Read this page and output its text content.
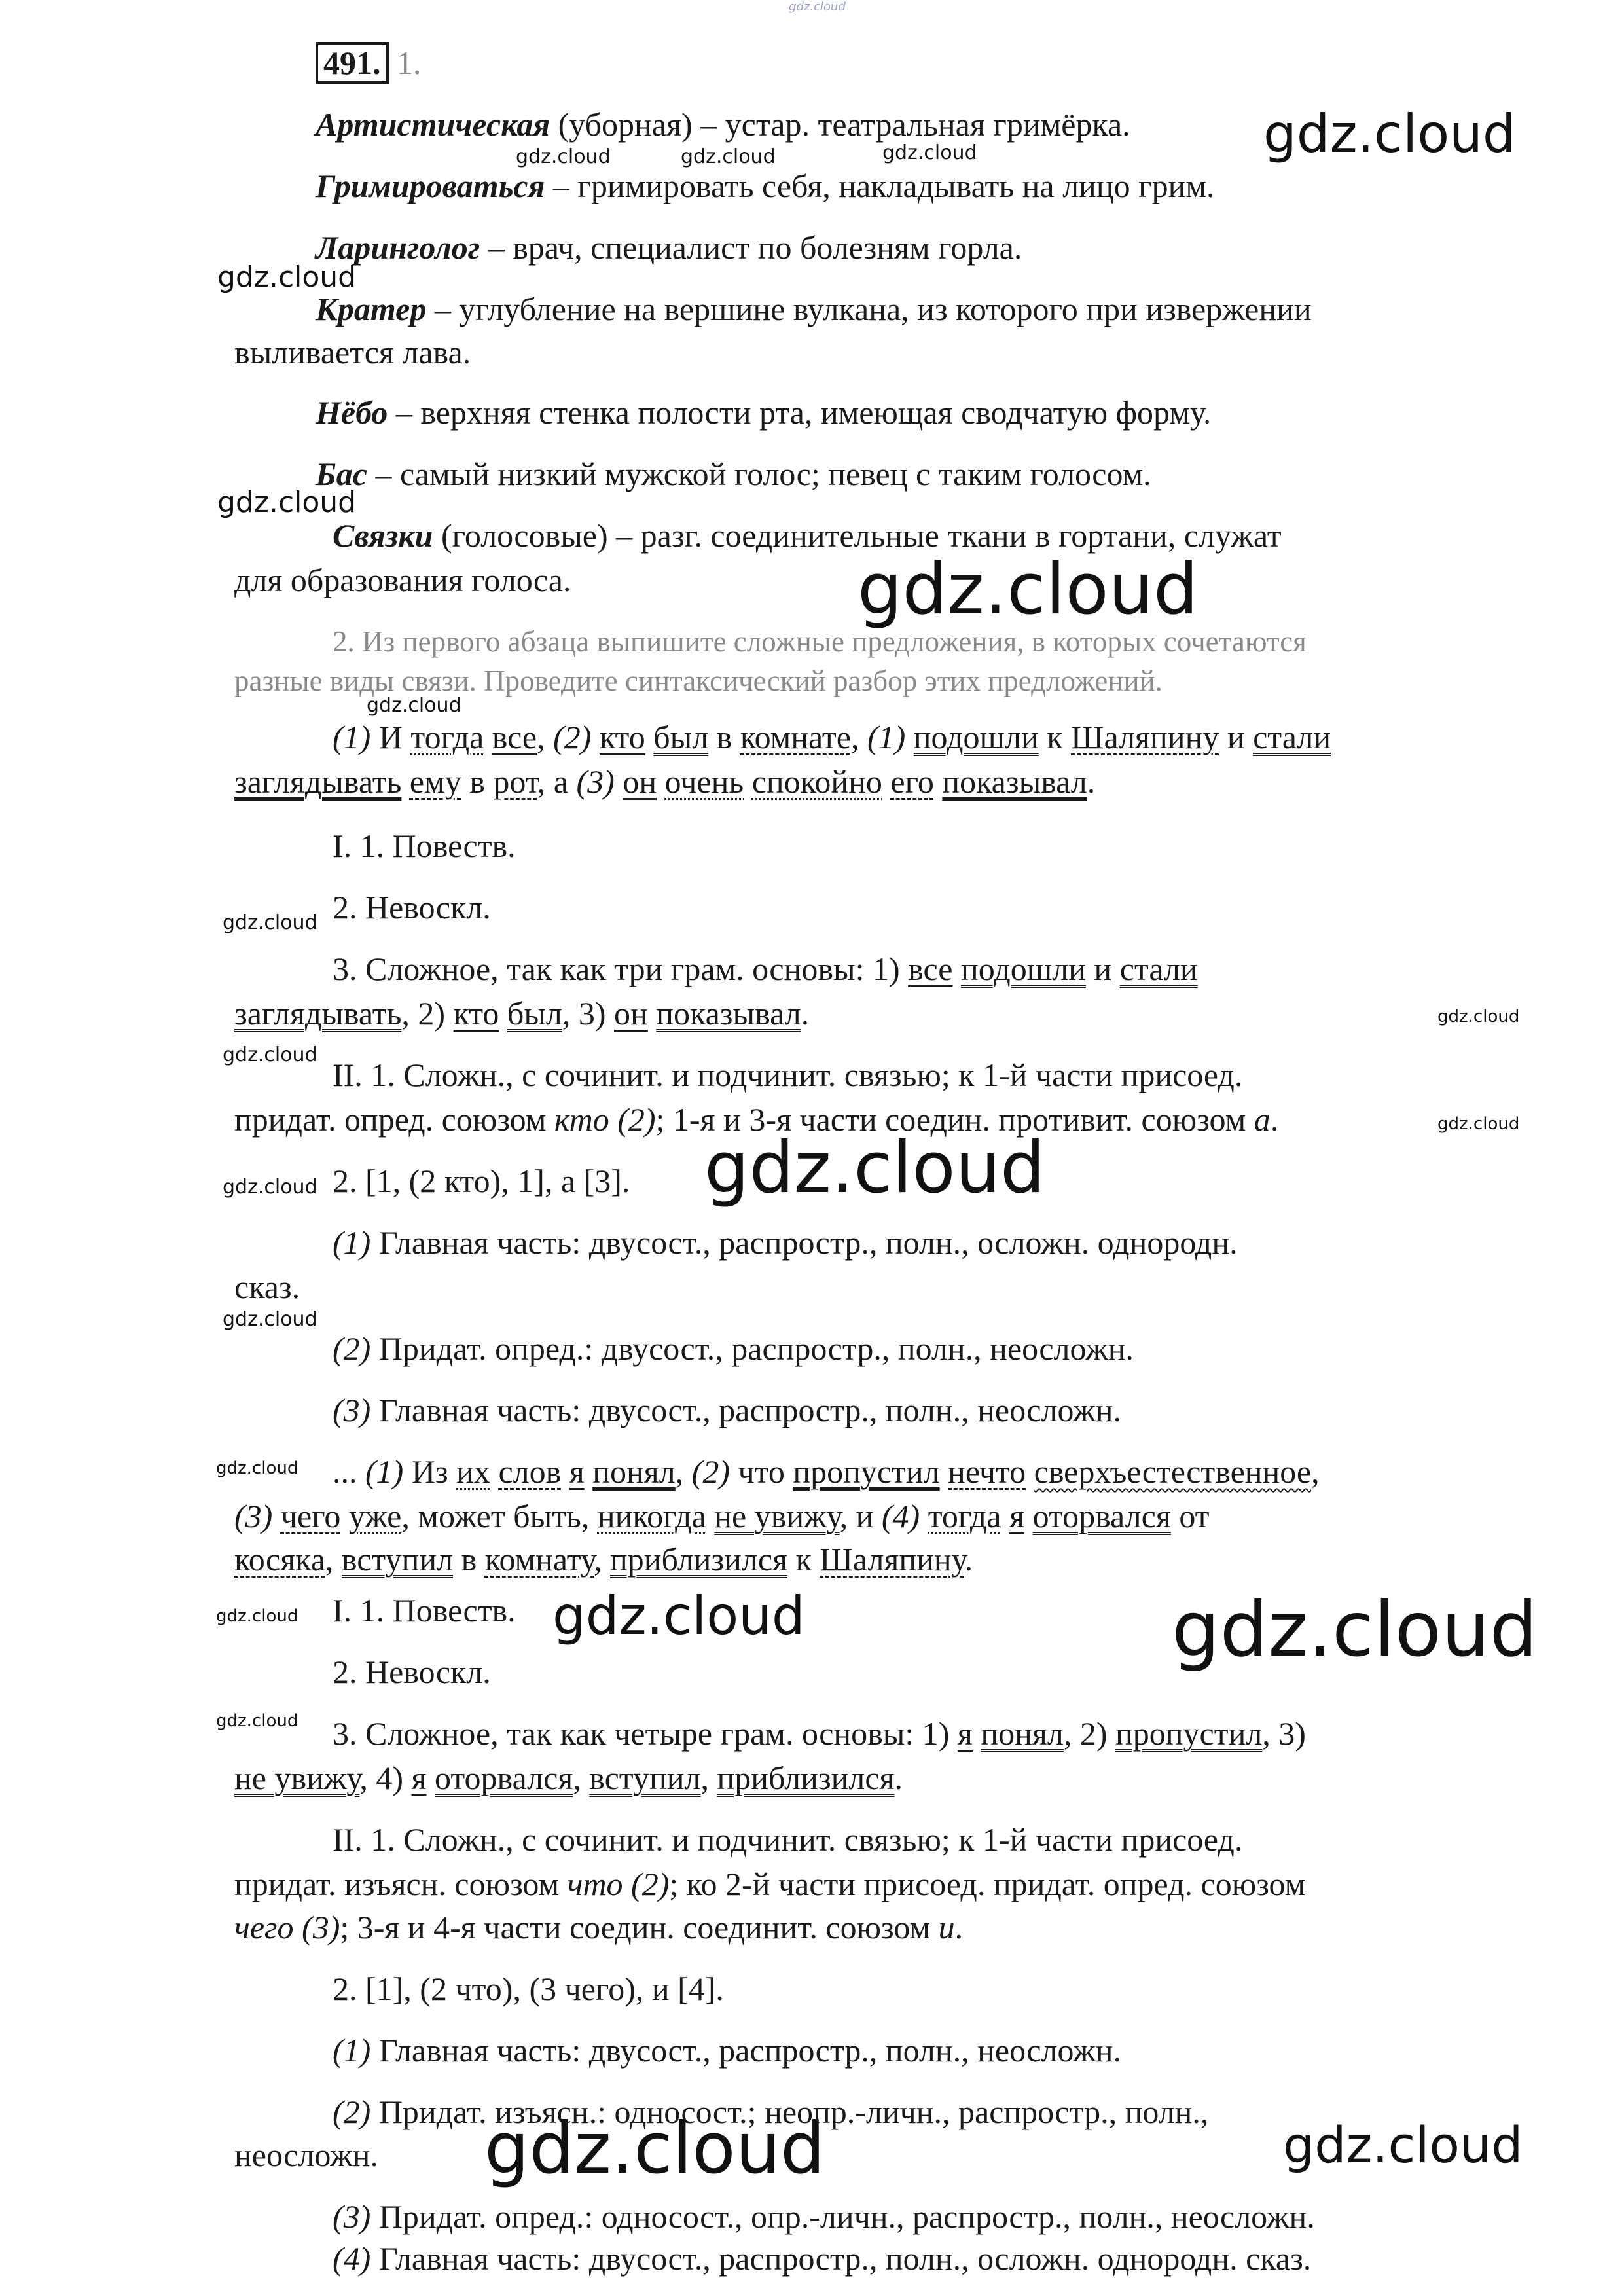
gdz.cloud
491. 1.
Артистическая (уборная) – устар. театральная гримёрка.
Гримироваться – гримировать себя, накладывать на лицо грим.
Ларинголог – врач, специалист по болезням горла.
Кратер – углубление на вершине вулкана, из которого при извержении
выливается лава.
Нёбо – верхняя стенка полости рта, имеющая сводчатую форму.
Бас – самый низкий мужской голос; певец с таким голосом.
Связки (голосовые) – разг. соединительные ткани в гортани, служат
для образования голоса.
2. Из первого абзаца выпишите сложные предложения, в которых сочетаются
разные виды связи. Проведите синтаксический разбор этих предложений.
(1) И тогда все, (2) кто был в комнате, (1) подошли к Шаляпину и стали
заглядывать ему в рот, а (3) он очень спокойно его показывал.
I. 1. Повеств.
2. Невоскл.
3. Сложное, так как три грам. основы: 1) все подошли и стали
заглядывать, 2) кто был, 3) он показывал.
II. 1. Сложн., с сочинит. и подчинит. связью; к 1-й части присоед.
придат. опред. союзом кто (2); 1-я и 3-я части соедин. противит. союзом а.
2. [1, (2 кто), 1], а [3].
(1) Главная часть: двусост., распростр., полн., осложн. однородн.
сказ.
(2) Придат. опред.: двусост., распростр., полн., неосложн.
(3) Главная часть: двусост., распростр., полн., неосложн.
... (1) Из их слов я понял, (2) что пропустил нечто сверхъестественное,
(3) чего уже, может быть, никогда не увижу, и (4) тогда я оторвался от
косяка, вступил в комнату, приблизился к Шаляпину.
I. 1. Повеств.
2. Невоскл.
3. Сложное, так как четыре грам. основы: 1) я понял, 2) пропустил, 3)
не увижу, 4) я оторвался, вступил, приблизился.
II. 1. Сложн., с сочинит. и подчинит. связью; к 1-й части присоед.
придат. изъясн. союзом что (2); ко 2-й части присоед. придат. опред. союзом
чего (3); 3-я и 4-я части соедин. соединит. союзом и.
2. [1], (2 что), (3 чего), и [4].
(1) Главная часть: двусост., распростр., полн., неосложн.
(2) Придат. изъясн.: односост.; неопр.-личн., распростр., полн.,
неосложн.
(3) Придат. опред.: односост., опр.-личн., распростр., полн., неосложн.
(4) Главная часть: двусост., распростр., полн., осложн. однородн. сказ.
gdz.cloud	gdz.cloud	gdz.cloud
gdz.cloud
gdz.cloud
gdz.cloud
gdz.cloud
gdz.cloud
gdz.cloud
gdz.cloud
gdz.cloud
gdz.cloud
gdz.cloud
gdz.cloud
gdz.cloud
gdz.cloud
gdz.cloud
gdz.cloud
gdz.cloud	gdz.cloud
gdz.cloud	gdz.cloud
